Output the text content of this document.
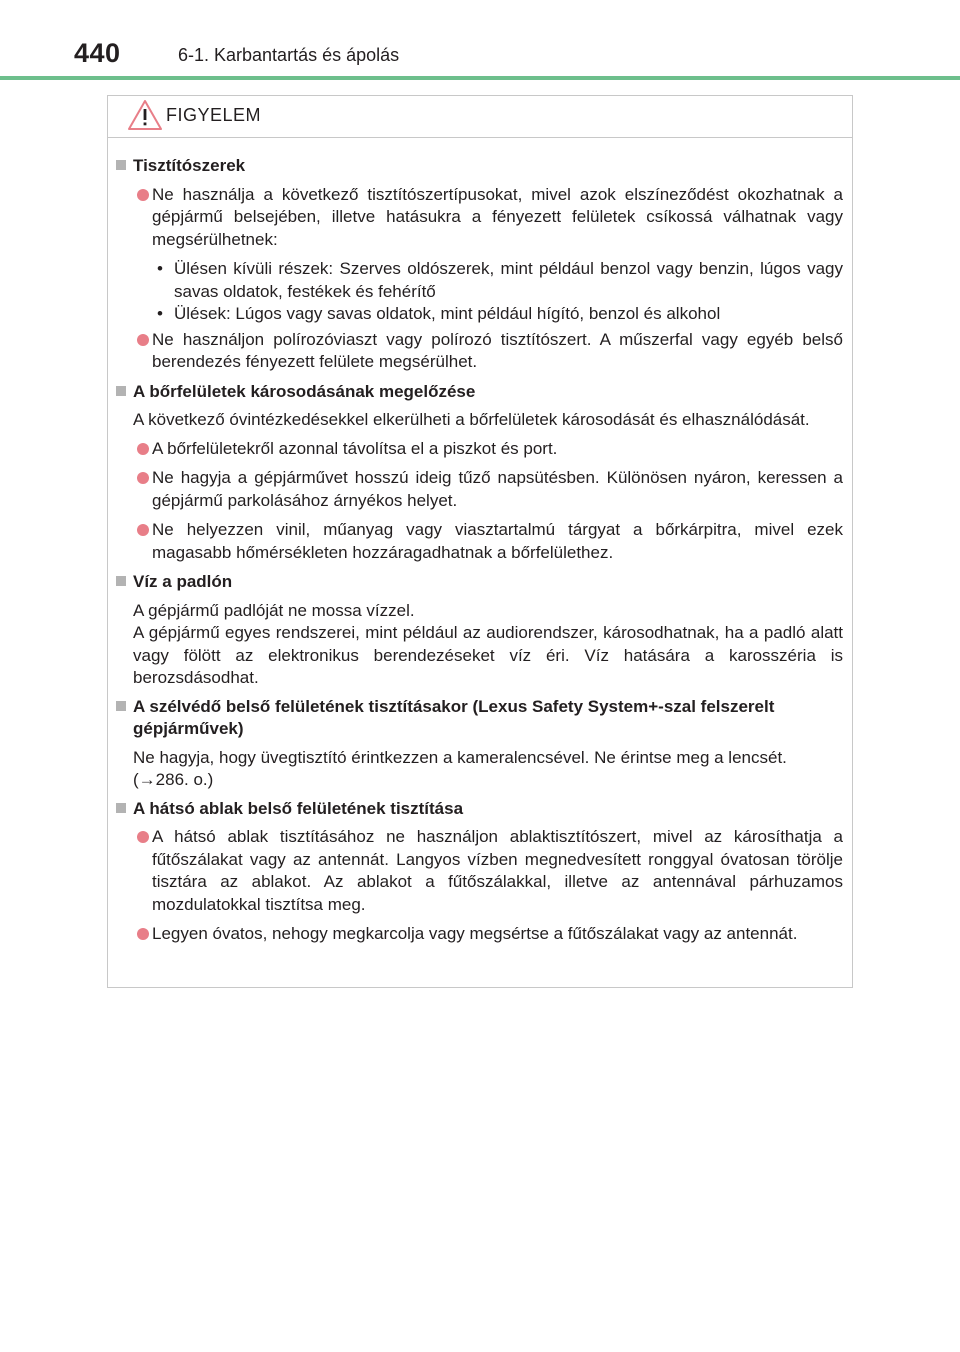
440	6-1. Karbantartás és ápolás
FIGYELEM
Tisztítószerek
Ne használja a következő tisztítószertípusokat, mivel azok elszíneződést okozhatnak a gépjármű belsejében, illetve hatásukra a fényezett felületek csíkossá válhatnak vagy megsérülhetnek:
• Ülésen kívüli részek: Szerves oldószerek, mint például benzol vagy benzin, lúgos vagy savas oldatok, festékek és fehérítő
• Ülések: Lúgos vagy savas oldatok, mint például hígító, benzol és alkohol
Ne használjon polírozóviaszt vagy polírozó tisztítószert. A műszerfal vagy egyéb belső berendezés fényezett felülete megsérülhet.
A bőrfelületek károsodásának megelőzése
A következő óvintézkedésekkel elkerülheti a bőrfelületek károsodását és elhasználódását.
A bőrfelületekről azonnal távolítsa el a piszkot és port.
Ne hagyja a gépjárművet hosszú ideig tűző napsütésben. Különösen nyáron, keressen a gépjármű parkolásához árnyékos helyet.
Ne helyezzen vinil, műanyag vagy viasztartalmú tárgyat a bőrkárpitra, mivel ezek magasabb hőmérsékleten hozzáragadhatnak a bőrfelülethez.
Víz a padlón
A gépjármű padlóját ne mossa vízzel.
A gépjármű egyes rendszerei, mint például az audiorendszer, károsodhatnak, ha a padló alatt vagy fölött az elektronikus berendezéseket víz éri. Víz hatására a karosszéria is berozsdásodhat.
A szélvédő belső felületének tisztításakor (Lexus Safety System+-szal felszerelt gépjárművek)
Ne hagyja, hogy üvegtisztító érintkezzen a kameralencsével. Ne érintse meg a lencsét.
(→286. o.)
A hátsó ablak belső felületének tisztítása
A hátsó ablak tisztításához ne használjon ablaktisztítószert, mivel az károsíthatja a fűtőszálakat vagy az antennát. Langyos vízben megnedvesített ronggyal óvatosan törölje tisztára az ablakot. Az ablakot a fűtőszálakkal, illetve az antennával párhuzamos mozdulatokkal tisztítsa meg.
Legyen óvatos, nehogy megkarcolja vagy megsértse a fűtőszálakat vagy az antennát.
